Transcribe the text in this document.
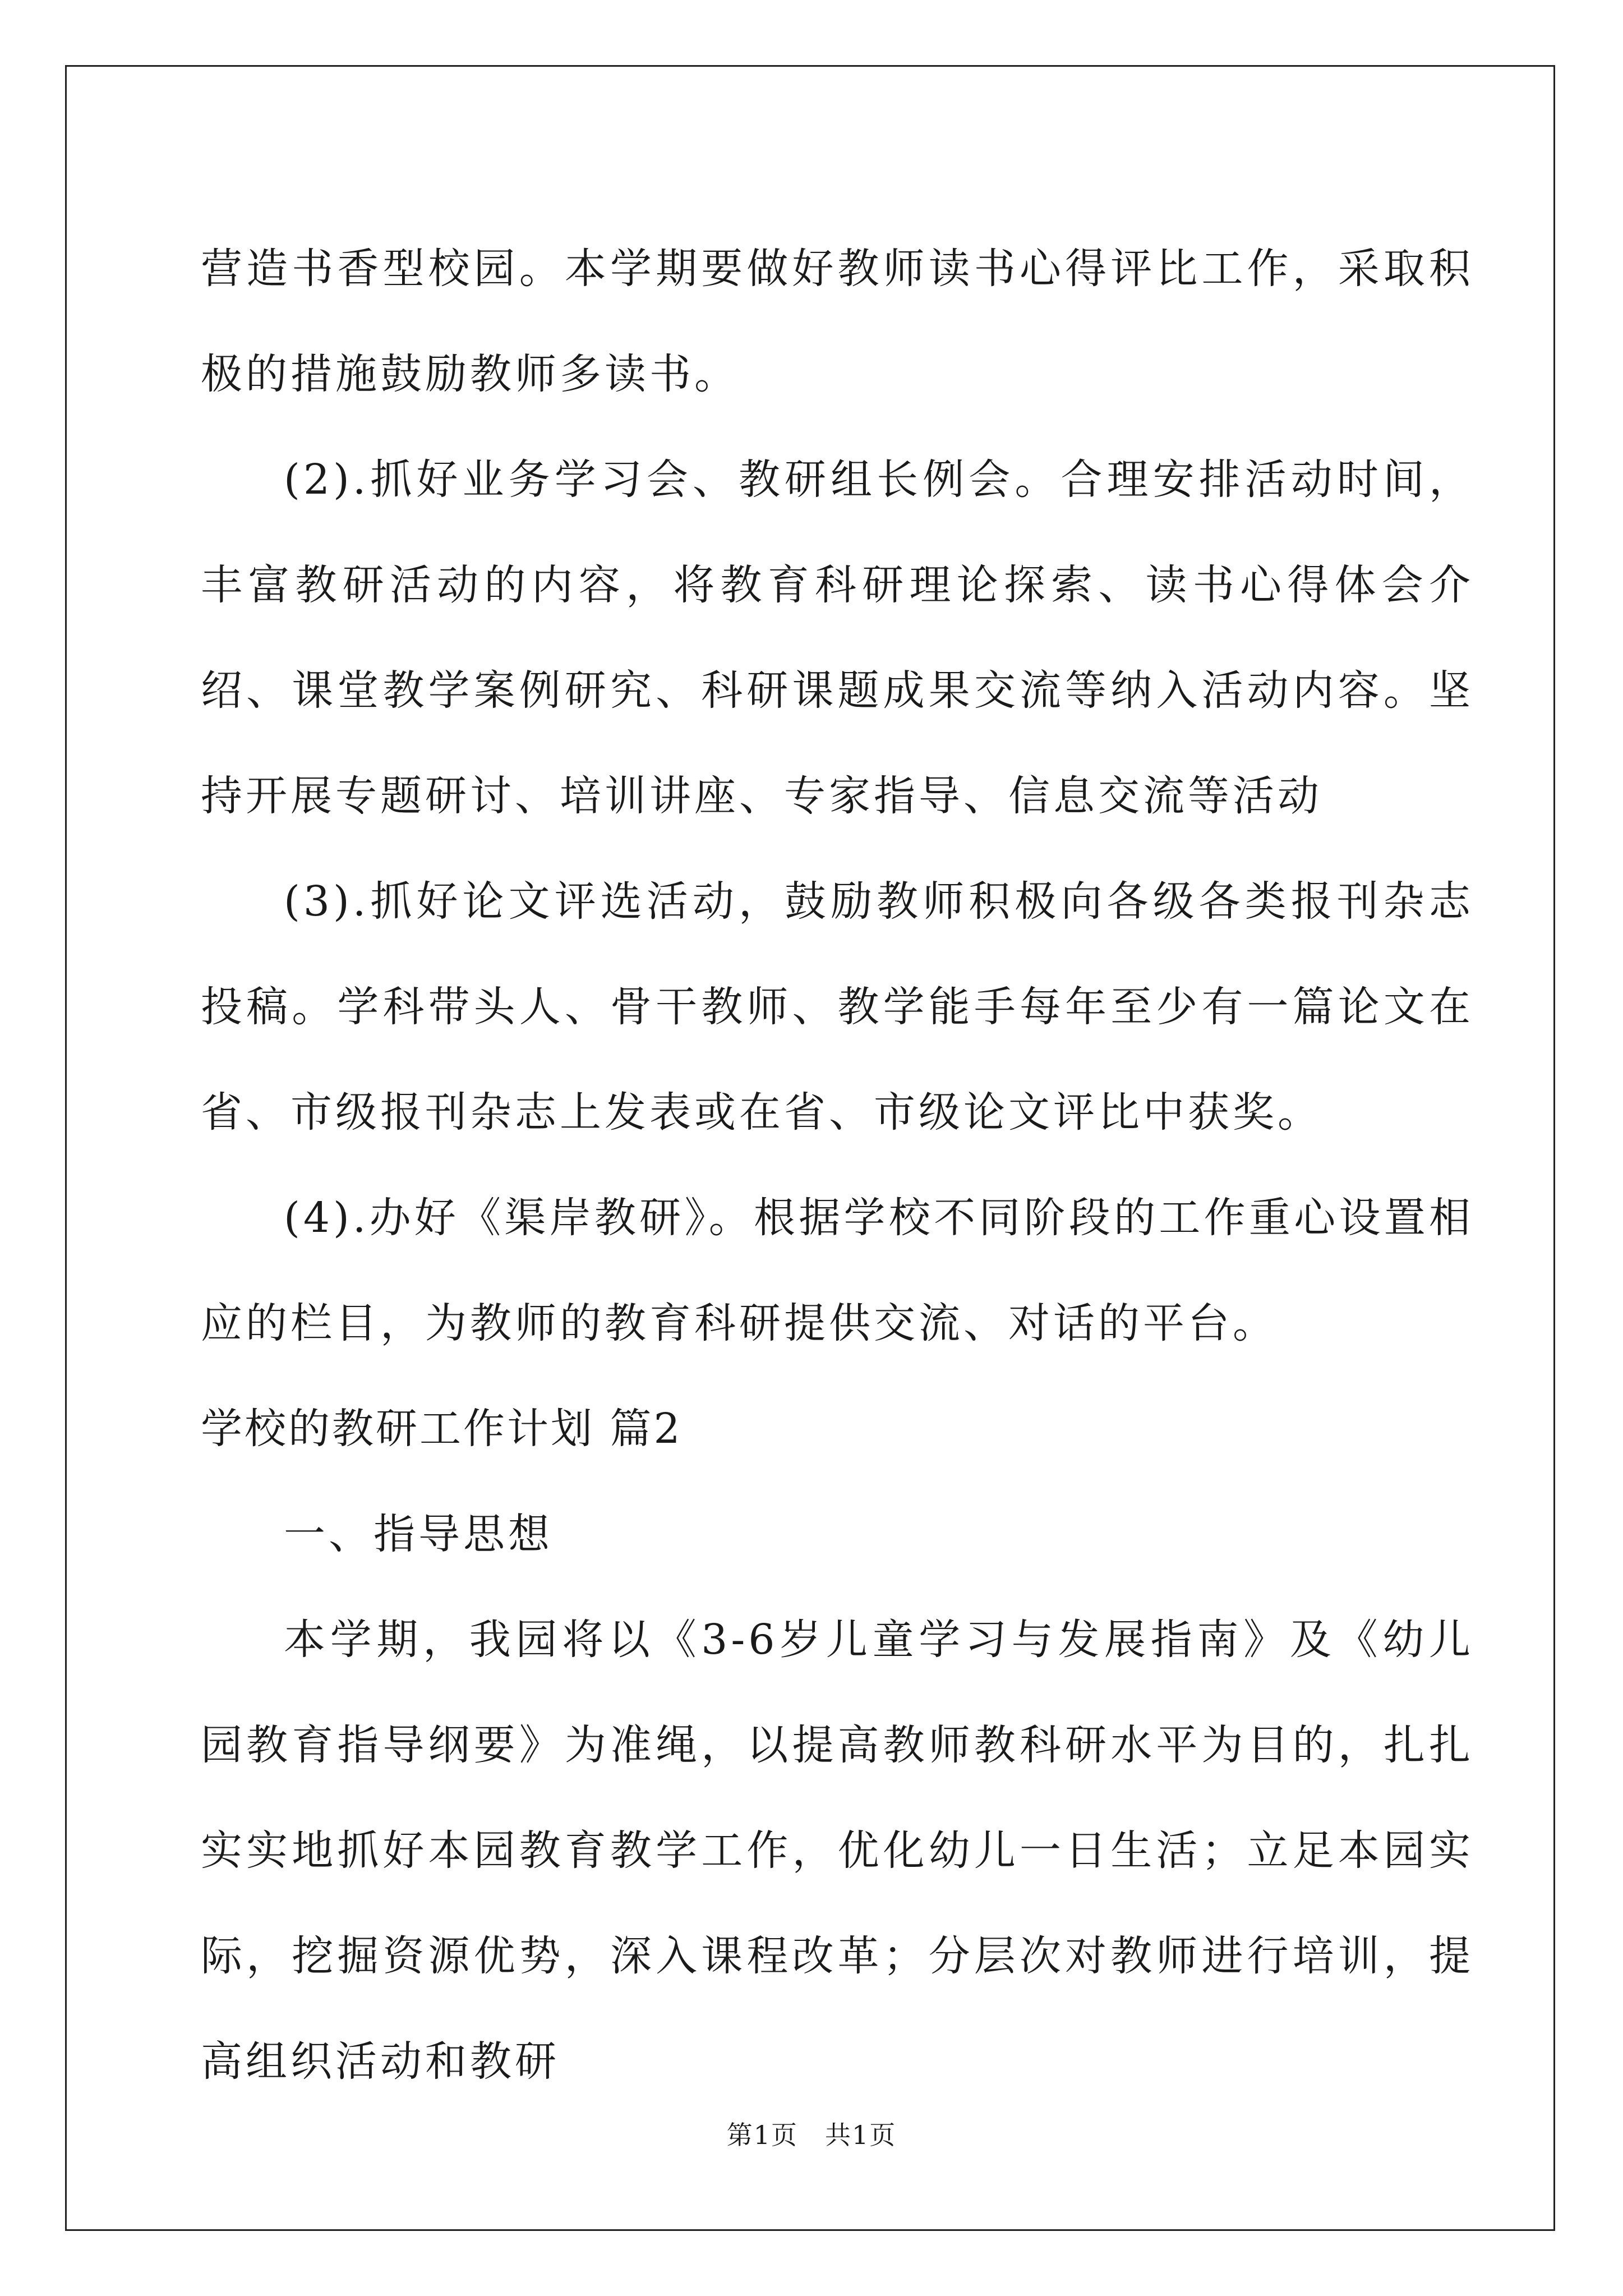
营造书香型校园。本学期要做好教师读书心得评比工作，采取积极的措施鼓励教师多读书。

(2).抓好业务学习会、教研组长例会。合理安排活动时间，丰富教研活动的内容，将教育科研理论探索、读书心得体会介绍、课堂教学案例研究、科研课题成果交流等纳入活动内容。坚持开展专题研讨、培训讲座、专家指导、信息交流等活动

(3).抓好论文评选活动，鼓励教师积极向各级各类报刊杂志投稿。学科带头人、骨干教师、教学能手每年至少有一篇论文在省、市级报刊杂志上发表或在省、市级论文评比中获奖。

(4).办好《渠岸教研》。根据学校不同阶段的工作重心设置相应的栏目，为教师的教育科研提供交流、对话的平台。

学校的教研工作计划 篇2

一、指导思想

本学期，我园将以《3-6岁儿童学习与发展指南》及《幼儿园教育指导纲要》为准绳，以提高教师教科研水平为目的，扎扎实实地抓好本园教育教学工作，优化幼儿一日生活；立足本园实际，挖掘资源优势，深入课程改革；分层次对教师进行培训，提高组织活动和教研

第1页 共1页
